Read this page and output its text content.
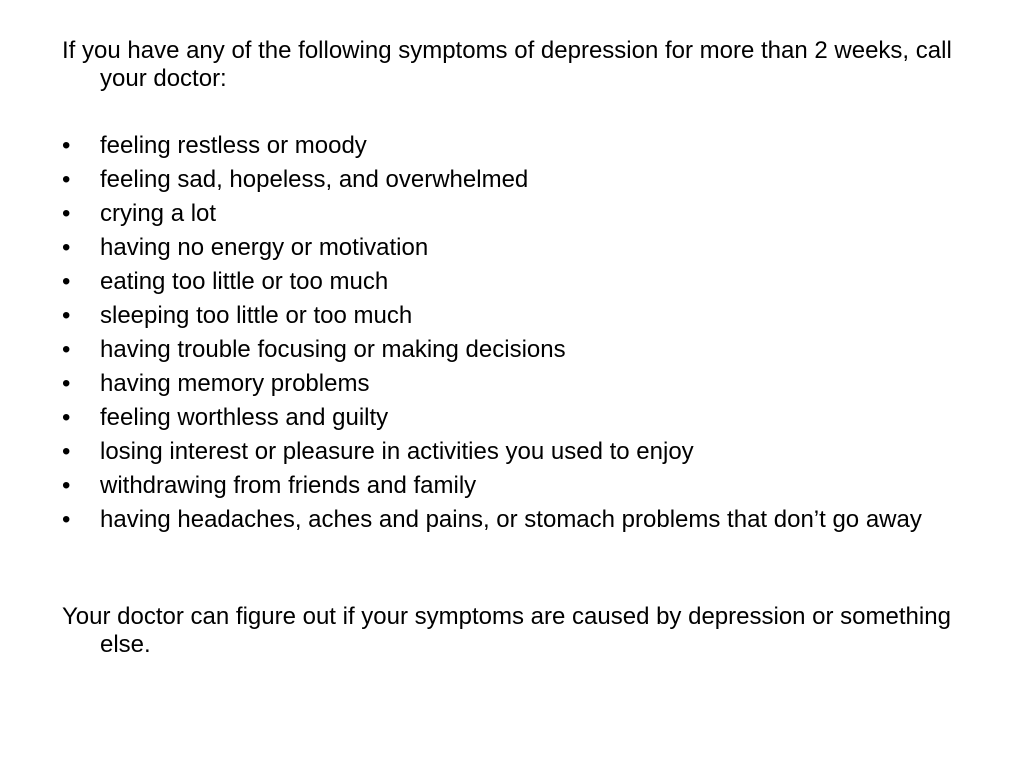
If you have any of the following symptoms of depression for more than 2 weeks, call your doctor:

•	feeling restless or moody
•	feeling sad, hopeless, and overwhelmed
•	crying a lot
•	having no energy or motivation
•	eating too little or too much
•	sleeping too little or too much
•	having trouble focusing or making decisions
•	having memory problems
•	feeling worthless and guilty
•	losing interest or pleasure in activities you used to enjoy
•	withdrawing from friends and family
•	having headaches, aches and pains, or stomach problems that don’t go away

Your doctor can figure out if your symptoms are caused by depression or something else.
